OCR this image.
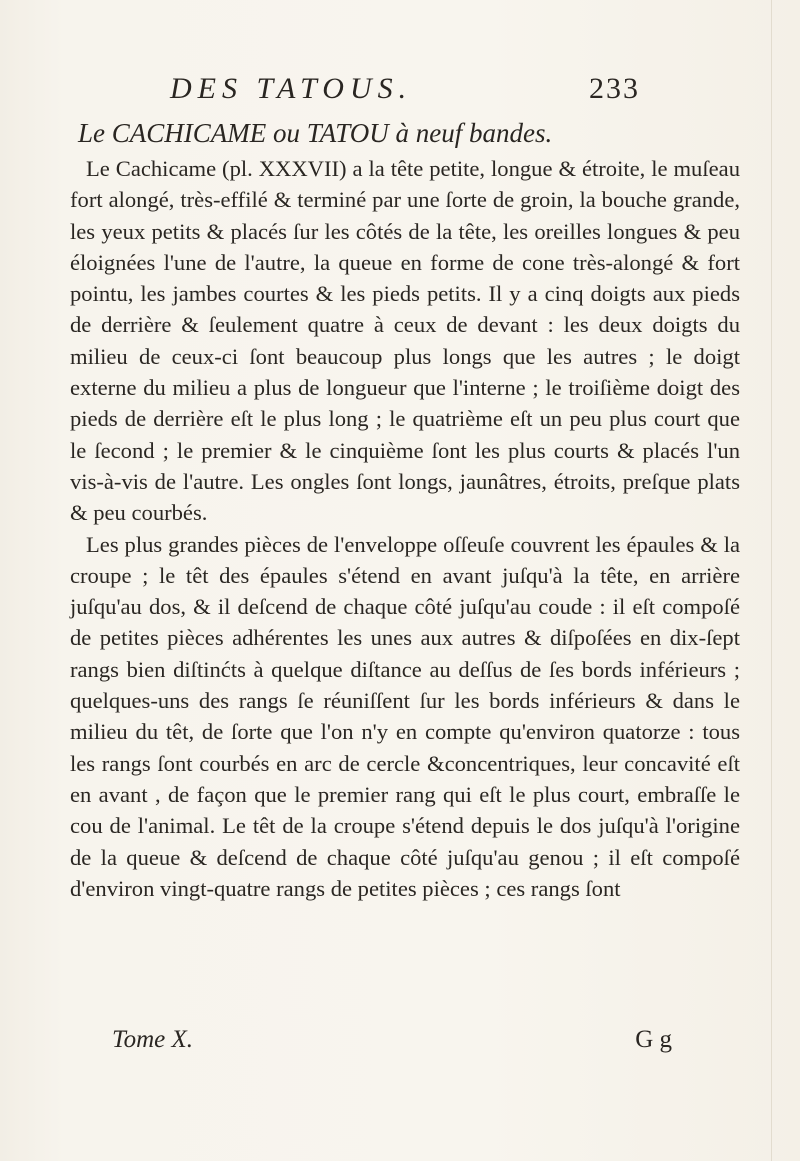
DES TATOUS.	233
Le CACHICAME ou TATOU à neuf bandes.

Le Cachicame (pl. XXXVII) a la tête petite, longue & étroite, le muſeau fort alongé, très-effilé & terminé par une ſorte de groin, la bouche grande, les yeux petits & placés ſur les côtés de la tête, les oreilles longues & peu éloignées l'une de l'autre, la queue en forme de cone très-alongé & fort pointu, les jambes courtes & les pieds petits. Il y a cinq doigts aux pieds de derrière & ſeulement quatre à ceux de devant : les deux doigts du milieu de ceux-ci ſont beaucoup plus longs que les autres ; le doigt externe du milieu a plus de longueur que l'interne ; le troiſième doigt des pieds de derrière eſt le plus long ; le quatrième eſt un peu plus court que le ſecond ; le premier & le cinquième ſont les plus courts & placés l'un vis-à-vis de l'autre. Les ongles ſont longs, jaunâtres, étroits, preſque plats & peu courbés.

Les plus grandes pièces de l'enveloppe oſſeuſe couvrent les épaules & la croupe ; le têt des épaules s'étend en avant juſqu'à la tête, en arrière juſqu'au dos, & il deſcend de chaque côté juſqu'au coude : il eſt compoſé de petites pièces adhérentes les unes aux autres & diſpoſées en dix-ſept rangs bien diſtinćts à quelque diſtance au deſſus de ſes bords inférieurs ; quelques-uns des rangs ſe réuniſſent ſur les bords inférieurs & dans le milieu du têt, de ſorte que l'on n'y en compte qu'environ quatorze : tous les rangs ſont courbés en arc de cercle &concentriques, leur concavité eſt en avant , de façon que le premier rang qui eſt le plus court, embraſſe le cou de l'animal. Le têt de la croupe s'étend depuis le dos juſqu'à l'origine de la queue & deſcend de chaque côté juſqu'au genou ; il eſt compoſé d'environ vingt-quatre rangs de petites pièces ; ces rangs ſont

Tome X.	G g
